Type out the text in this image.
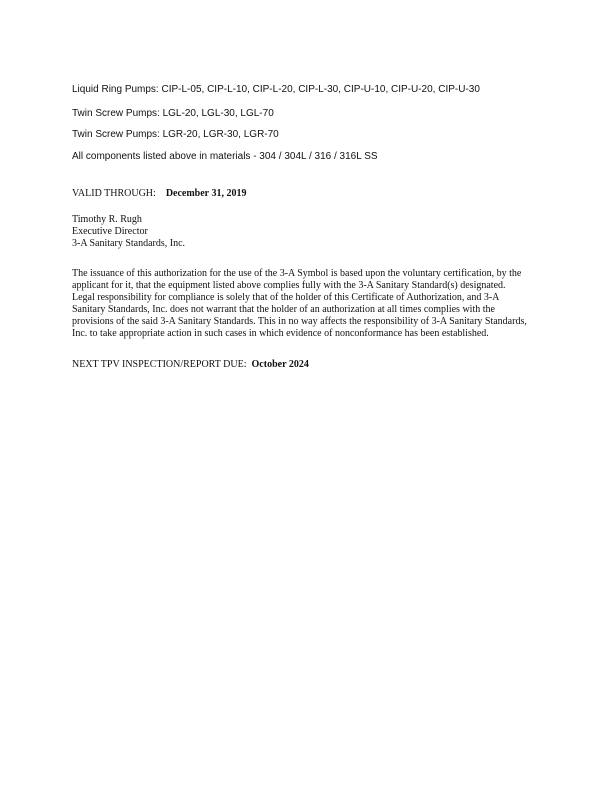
Liquid Ring Pumps: CIP-L-05, CIP-L-10, CIP-L-20, CIP-L-30, CIP-U-10, CIP-U-20, CIP-U-30
Twin Screw Pumps: LGL-20, LGL-30, LGL-70
Twin Screw Pumps: LGR-20, LGR-30, LGR-70
All components listed above in materials - 304 / 304L / 316 / 316L SS
VALID THROUGH: December 31, 2019
Timothy R. Rugh
Executive Director
3-A Sanitary Standards, Inc.
The issuance of this authorization for the use of the 3-A Symbol is based upon the voluntary certification, by the
applicant for it, that the equipment listed above complies fully with the 3-A Sanitary Standard(s) designated.
Legal responsibility for compliance is solely that of the holder of this Certificate of Authorization, and 3-A
Sanitary Standards, Inc. does not warrant that the holder of an authorization at all times complies with the
provisions of the said 3-A Sanitary Standards. This in no way affects the responsibility of 3-A Sanitary Standards,
Inc. to take appropriate action in such cases in which evidence of nonconformance has been established.
NEXT TPV INSPECTION/REPORT DUE: October 2024
